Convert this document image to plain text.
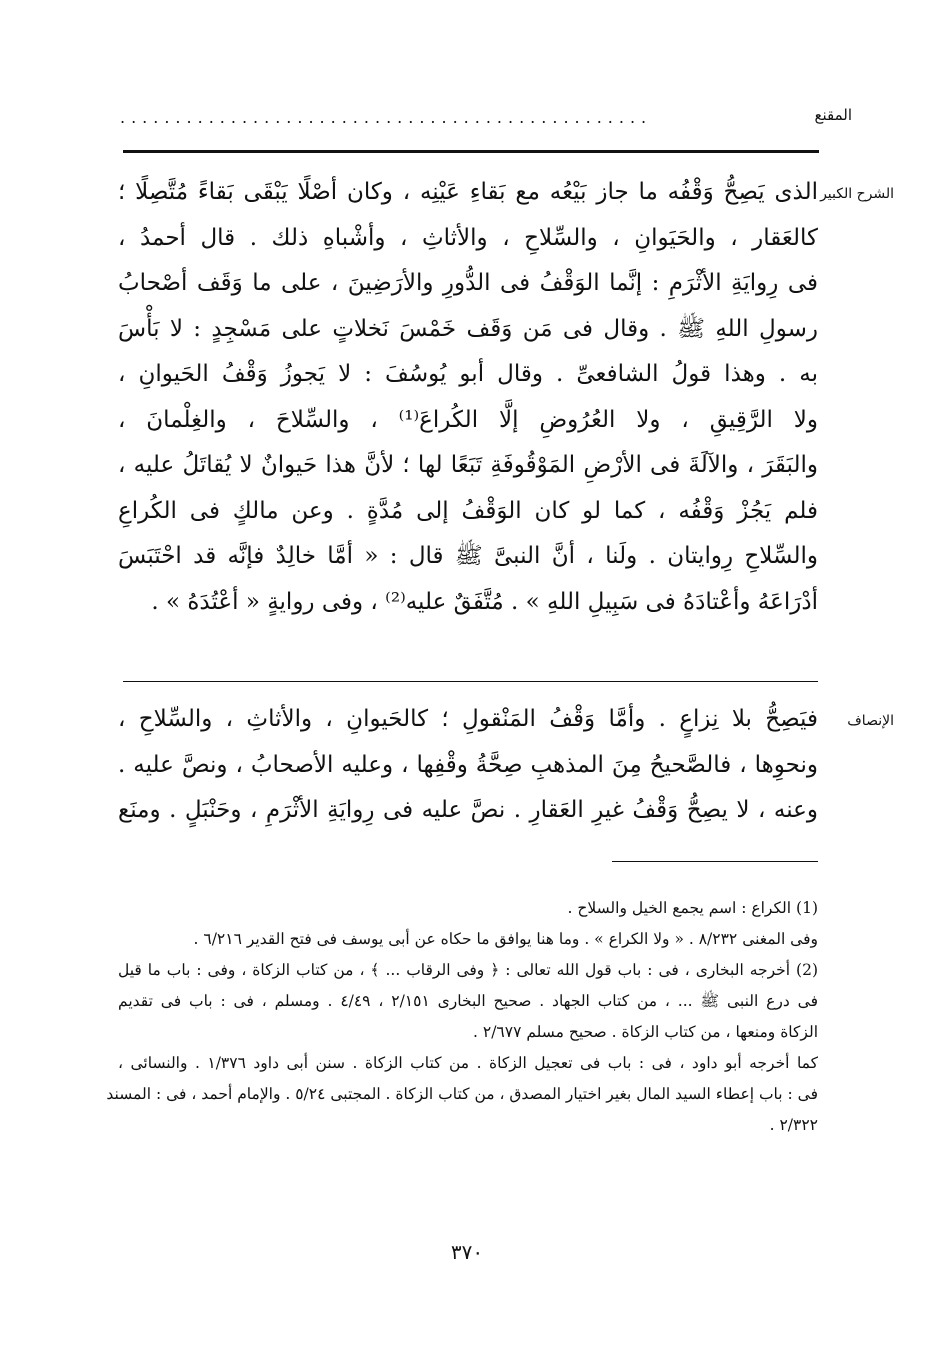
المقنع
................................................
الشرح الكبير
الذى يَصِحُّ وَقْفُه ما جاز بَيْعُه مع بَقاءِ عَيْنِه ، وكان أصْلًا يَبْقَى بَقاءً مُتَّصِلًا ؛
كالعَقار ، والحَيَوانِ ، والسِّلاحِ ، والأثاثِ ، وأشْباهِ ذلك . قال أحمدُ ،
فى رِوايَةِ الأثْرَمِ : إنَّما الوَقْفُ فى الدُّورِ والأرَضِينَ ، على ما وَقَف أصْحابُ
رسولِ اللهِ ﷺ . وقال فى مَن وَقَف خَمْسَ نَخلاتٍ على مَسْجِدٍ : لا بَأْسَ
به . وهذا قولُ الشافعىِّ . وقال أبو يُوسُفَ : لا يَجوزُ وَقْفُ الحَيوانِ ،
ولا الرَّقِيقِ ، ولا العُرُوضِ إلَّا الكُراعَ⁽¹⁾ ، والسِّلاحَ ، والغِلْمانَ ،
والبَقَرَ ، والآلَةَ فى الأرْضِ المَوْقُوفَةِ تَبَعًا لها ؛ لأنَّ هذا حَيوانٌ لا يُقاتَلُ عليه ،
فلم يَجُزْ وَقْفُه ، كما لو كان الوَقْفُ إلى مُدَّةٍ . وعن مالكٍ فى الكُراعِ
والسِّلاحِ رِوايتان . ولَنا ، أنَّ النبىَّ ﷺ قال : « أمَّا خالِدٌ فإنَّه قد احْتَبَسَ
أدْرَاعَهُ وأعْتادَهُ فى سَبِيلِ اللهِ » . مُتَّفَقٌ عليه⁽²⁾ ، وفى روايةٍ « أعْتُدَهُ » .
الإنصاف
فيَصِحُّ بلا نِزاعٍ . وأمَّا وَقْفُ المَنْقولِ ؛ كالحَيوانِ ، والأثاثِ ، والسِّلاحِ ،
ونحوِها ، فالصَّحيحُ مِنَ المذهبِ صِحَّةُ وقْفِها ، وعليه الأصحابُ ، ونصَّ عليه .
وعنه ، لا يصِحُّ وَقْفُ غيرِ العَقارِ . نصَّ عليه فى رِوايَةِ الأثْرَمِ ، وحَنْبَلٍ . ومنَع
(1) الكراع : اسم يجمع الخيل والسلاح .
وفى المغنى ٨/٢٣٢ . « ولا الكراع » . وما هنا يوافق ما حكاه عن أبى يوسف فى فتح القدير ٦/٢١٦ .
(2) أخرجه البخارى ، فى : باب قول الله تعالى : ﴿ وفى الرقاب ... ﴾ ، من كتاب الزكاة ، وفى : باب ما قيل
فى درع النبى ﷺ ... ، من كتاب الجهاد . صحيح البخارى ٢/١٥١ ، ٤/٤٩ . ومسلم ، فى : باب فى تقديم
الزكاة ومنعها ، من كتاب الزكاة . صحيح مسلم ٢/٦٧٧ .
كما أخرجه أبو داود ، فى : باب فى تعجيل الزكاة . من كتاب الزكاة . سنن أبى داود ١/٣٧٦ . والنسائى ،
فى : باب إعطاء السيد المال بغير اختيار المصدق ، من كتاب الزكاة . المجتبى ٥/٢٤ . والإمام أحمد ، فى : المسند
٢/٣٢٢ .
٣٧٠
